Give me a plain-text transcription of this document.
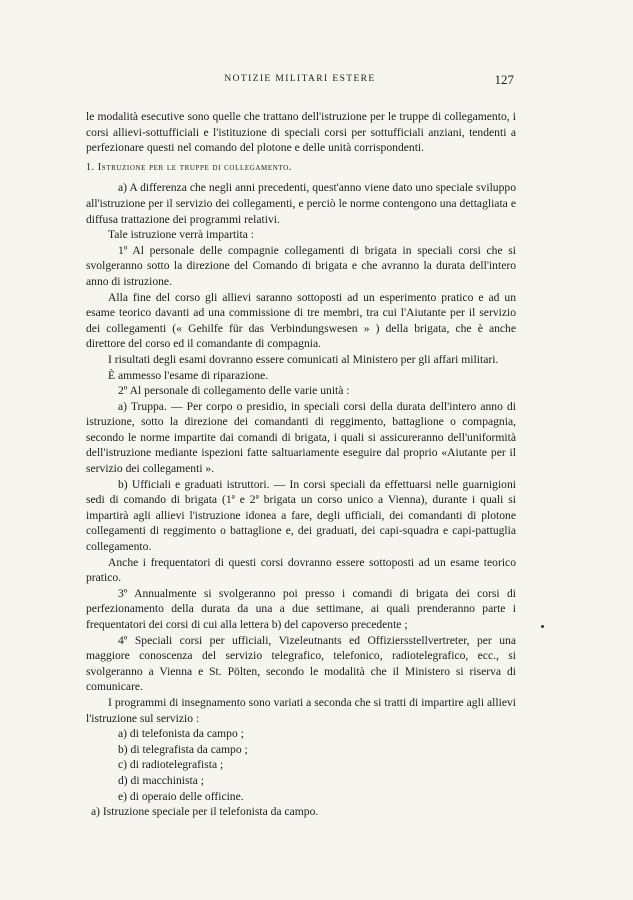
NOTIZIE MILITARI ESTERE	127

le modalità esecutive sono quelle che trattano dell'istruzione per le truppe di collegamento, i corsi allievi-sottufficiali e l'istituzione di speciali corsi per sottufficiali anziani, tendenti a perfezionare questi nel comando del plotone e delle unità corrispondenti.

1. Istruzione per le truppe di collegamento.

a) A differenza che negli anni precedenti, quest'anno viene dato uno speciale sviluppo all'istruzione per il servizio dei collegamenti, e perciò le norme contengono una dettagliata e diffusa trattazione dei programmi relativi.

Tale istruzione verrà impartita :

1º Al personale delle compagnie collegamenti di brigata in speciali corsi che si svolgeranno sotto la direzione del Comando di brigata e che avranno la durata dell'intero anno di istruzione.

Alla fine del corso gli allievi saranno sottoposti ad un esperimento pratico e ad un esame teorico davanti ad una commissione di tre membri, tra cui l'Aiutante per il servizio dei collegamenti (« Gehilfe für das Verbindungswesen » ) della brigata, che è anche direttore del corso ed il comandante di compagnia.

I risultati degli esami dovranno essere comunicati al Ministero per gli affari militari.

È ammesso l'esame di riparazione.

2º Al personale di collegamento delle varie unità :

a) Truppa. — Per corpo o presidio, in speciali corsi della durata dell'intero anno di istruzione, sotto la direzione dei comandanti di reggimento, battaglione o compagnia, secondo le norme impartite dai comandi di brigata, i quali si assicureranno dell'uniformità dell'istruzione mediante ispezioni fatte saltuariamente eseguire dal proprio «Aiutante per il servizio dei collegamenti ».

b) Ufficiali e graduati istruttori. — In corsi speciali da effettuarsi nelle guarnigioni sedi di comando di brigata (1ª e 2ª brigata un corso unico a Vienna), durante i quali si impartirà agli allievi l'istruzione idonea a fare, degli ufficiali, dei comandanti di plotone collegamenti di reggimento o battaglione e, dei graduati, dei capi-squadra e capi-pattuglia collegamento.

Anche i frequentatori di questi corsi dovranno essere sottoposti ad un esame teorico pratico.

3º Annualmente si svolgeranno poi presso i comandi di brigata dei corsi di perfezionamento della durata da una a due settimane, ai quali prenderanno parte i frequentatori dei corsi di cui alla lettera b) del capoverso precedente ;

4º Speciali corsi per ufficiali, Vizeleutnants ed Offiziersstellvertreter, per una maggiore conoscenza del servizio telegrafico, telefonico, radiotelegrafico, ecc., si svolgeranno a Vienna e St. Pölten, secondo le modalità che il Ministero si riserva di comunicare.

I programmi di insegnamento sono variati a seconda che si tratti di impartire agli allievi l'istruzione sul servizio :

a) di telefonista da campo ;

b) di telegrafista da campo ;

c) di radiotelegrafista ;

d) di macchinista ;

e) di operaio delle officine.

a) Istruzione speciale per il telefonista da campo.
